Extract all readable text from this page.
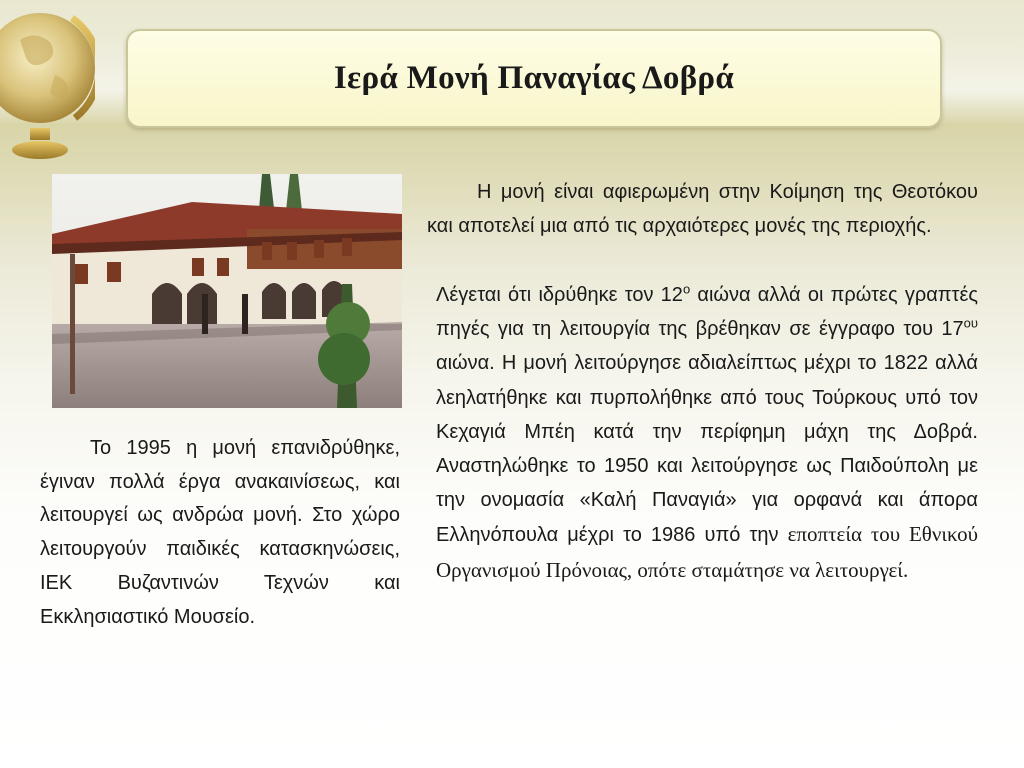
Ιερά Μονή Παναγίας Δοβρά

Το 1995 η μονή επανιδρύθηκε, έγιναν πολλά έργα ανακαινίσεως, και λειτουργεί ως ανδρώα μονή. Στο χώρο λειτουργούν παιδικές κατασκηνώσεις, ΙΕΚ Βυζαντινών Τεχνών και Εκκλησιαστικό Μουσείο.

Η μονή είναι αφιερωμένη στην Κοίμηση της Θεοτόκου και αποτελεί μια από τις αρχαιότερες μονές της περιοχής.

Λέγεται ότι ιδρύθηκε τον $12^o$ αιώνα αλλά οι πρώτες γραπτές πηγές για τη λειτουργία της βρέθηκαν σε έγγραφο του $17^{o\upsilon}$ αιώνα. Η μονή λειτούργησε αδιαλείπτως μέχρι το 1822 αλλά λεηλατήθηκε και πυρπολήθηκε από τους Τούρκους υπό τον Κεχαγιά Μπέη κατά την περίφημη μάχη της Δοβρά. Αναστηλώθηκε το 1950 και λειτούργησε ως Παιδούπολη με την ονομασία «Καλή Παναγιά» για ορφανά και άπορα Ελληνόπουλα μέχρι το 1986 υπό την εποπτεία του Εθνικού Οργανισμού Πρόνοιας, οπότε σταμάτησε να λειτουργεί.
